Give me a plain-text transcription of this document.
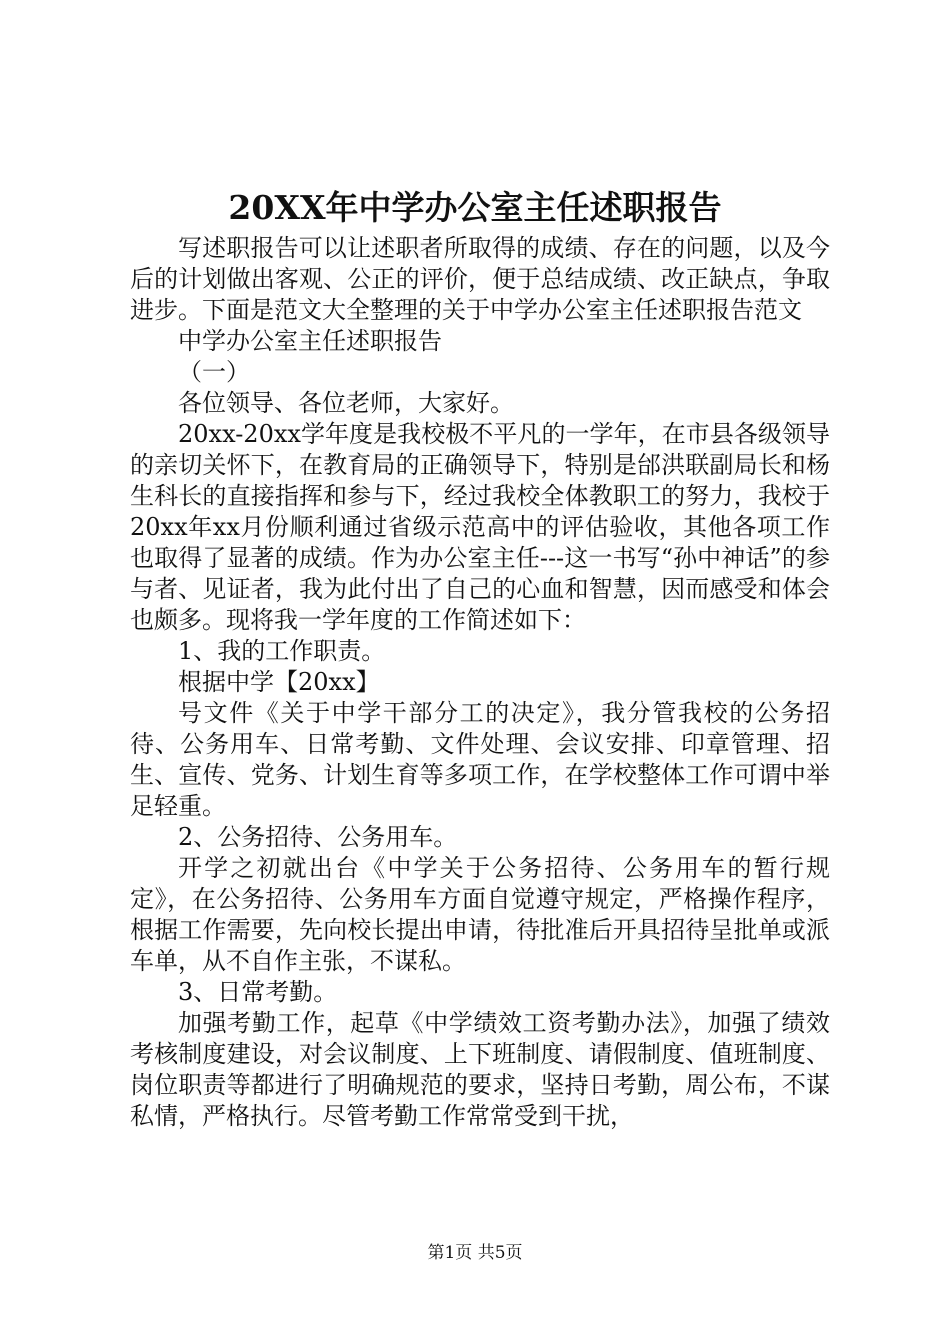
20XX年中学办公室主任述职报告

写述职报告可以让述职者所取得的成绩、存在的问题，以及今后的计划做出客观、公正的评价，便于总结成绩、改正缺点，争取进步。下面是范文大全整理的关于中学办公室主任述职报告范文

中学办公室主任述职报告

（一）

各位领导、各位老师，大家好。

20xx-20xx学年度是我校极不平凡的一学年，在市县各级领导的亲切关怀下，在教育局的正确领导下，特别是邰洪联副局长和杨生科长的直接指挥和参与下，经过我校全体教职工的努力，我校于20xx年xx月份顺利通过省级示范高中的评估验收，其他各项工作也取得了显著的成绩。作为办公室主任---这一书写“孙中神话”的参与者、见证者，我为此付出了自己的心血和智慧，因而感受和体会也颇多。现将我一学年度的工作简述如下：

1、我的工作职责。

根据中学【20xx】

号文件《关于中学干部分工的决定》，我分管我校的公务招待、公务用车、日常考勤、文件处理、会议安排、印章管理、招生、宣传、党务、计划生育等多项工作，在学校整体工作可谓中举足轻重。

2、公务招待、公务用车。

开学之初就出台《中学关于公务招待、公务用车的暂行规定》，在公务招待、公务用车方面自觉遵守规定，严格操作程序，根据工作需要，先向校长提出申请，待批准后开具招待呈批单或派车单，从不自作主张，不谋私。

3、日常考勤。

加强考勤工作，起草《中学绩效工资考勤办法》，加强了绩效考核制度建设，对会议制度、上下班制度、请假制度、值班制度、岗位职责等都进行了明确规范的要求，坚持日考勤，周公布，不谋私情，严格执行。尽管考勤工作常常受到干扰，

第1页 共5页
